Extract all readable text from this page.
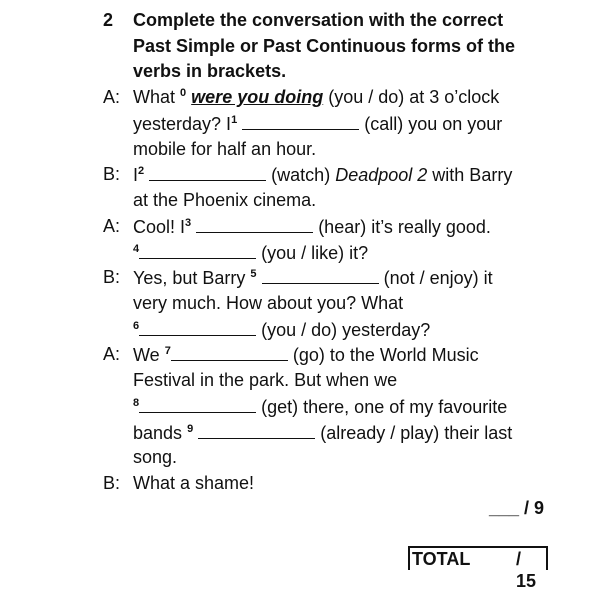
2 Complete the conversation with the correct
Past Simple or Past Continuous forms of the
verbs in brackets.
A: What $^0$ were you doing (you / do) at 3 o’clock
yesterday? $I^1$	(call) you on your
mobile for half an hour.
B: $I^2$	(watch) Deadpool 2 with Barry
at the Phoenix cinema.
A: Cool! $I^3$	(hear) it’s really good.
$^4$	(you / like) it?
B: Yes, but Barry $^5$	(not / enjoy) it
very much. How about you? What
$^6$	(you / do) yesterday?
A: We $^7$	(go) to the World Music
Festival in the park. But when we
$^8$	(get) there, one of my favourite
bands $^9$	(already / play) their last
song.
B: What a shame!
___ / 9
TOTAL	/ 15
